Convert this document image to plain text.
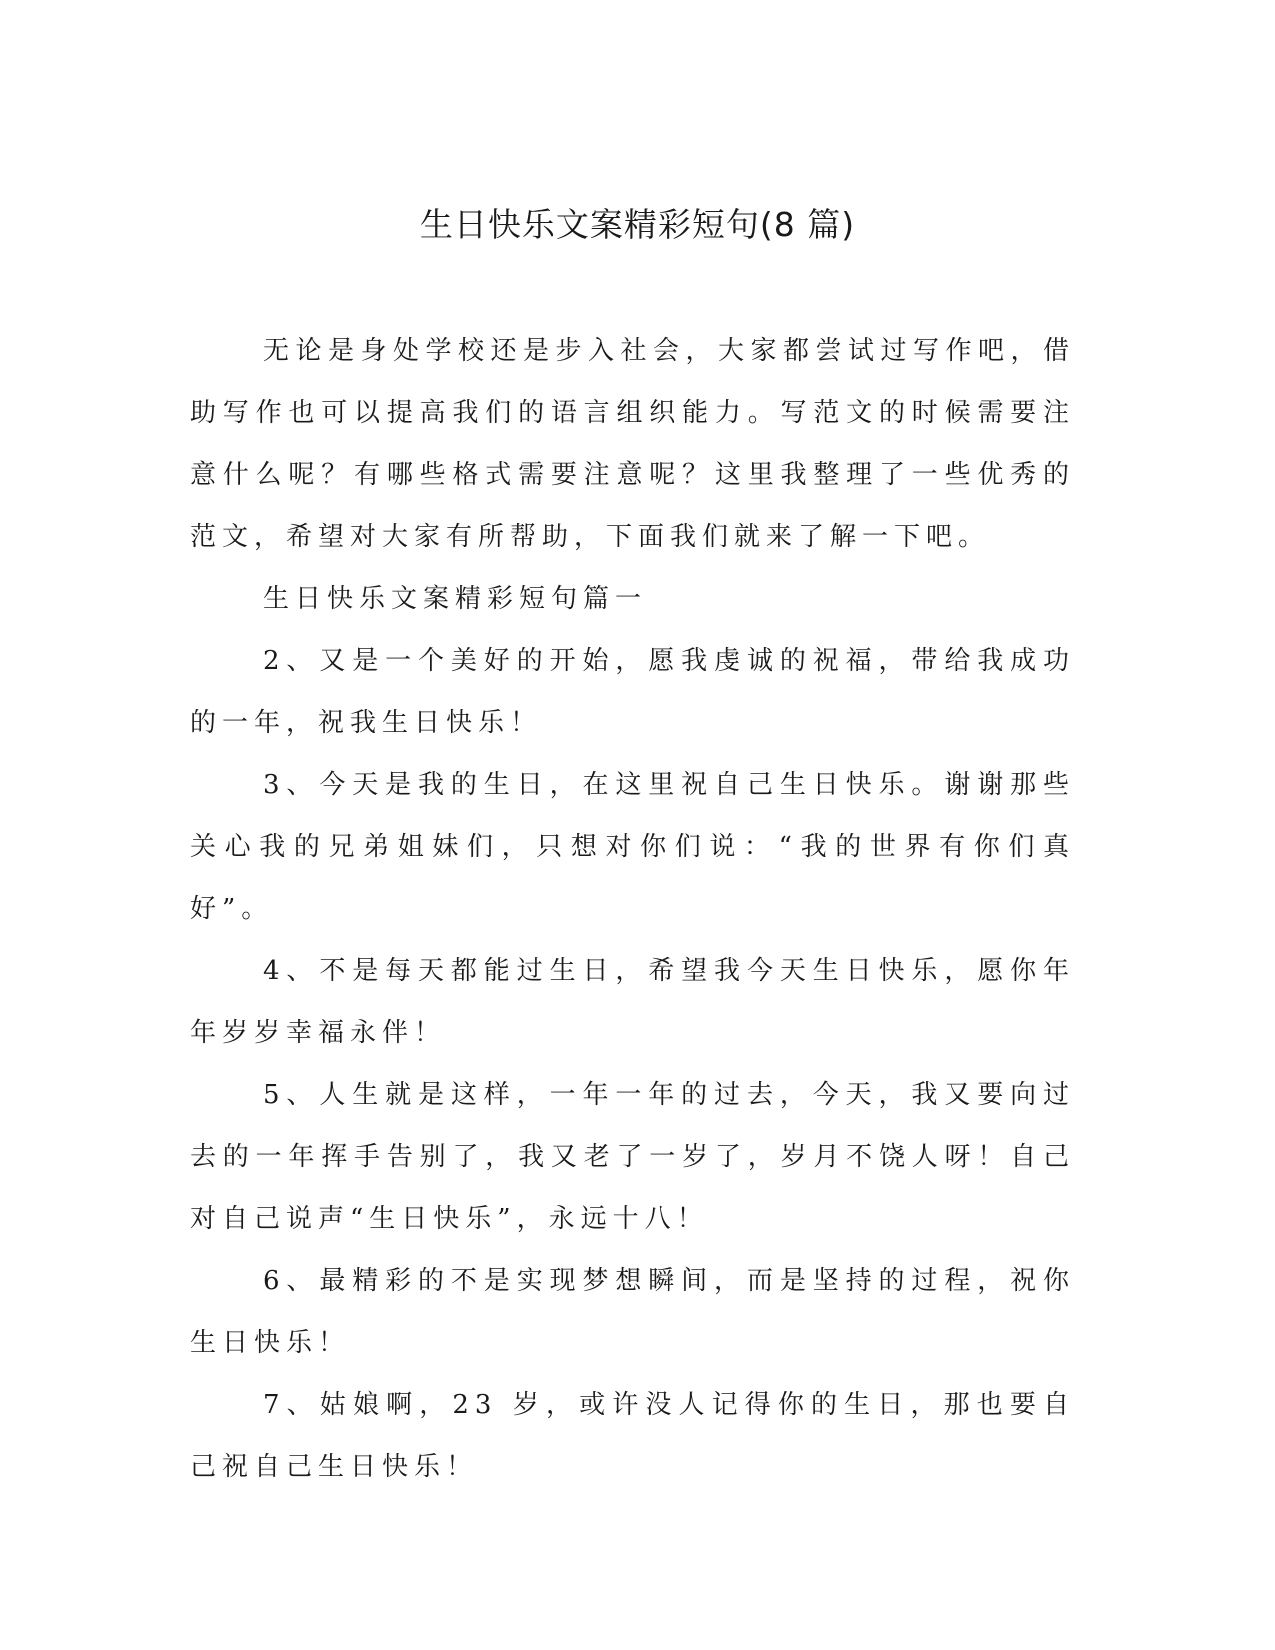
生日快乐文案精彩短句(8 篇)

无论是身处学校还是步入社会，大家都尝试过写作吧，借助写作也可以提高我们的语言组织能力。写范文的时候需要注意什么呢？有哪些格式需要注意呢？这里我整理了一些优秀的范文，希望对大家有所帮助，下面我们就来了解一下吧。

生日快乐文案精彩短句篇一

2、又是一个美好的开始，愿我虔诚的祝福，带给我成功的一年，祝我生日快乐！

3、今天是我的生日，在这里祝自己生日快乐。谢谢那些关心我的兄弟姐妹们，只想对你们说：“我的世界有你们真好”。

4、不是每天都能过生日，希望我今天生日快乐，愿你年年岁岁幸福永伴！

5、人生就是这样，一年一年的过去，今天，我又要向过去的一年挥手告别了，我又老了一岁了，岁月不饶人呀！自己对自己说声“生日快乐”，永远十八！

6、最精彩的不是实现梦想瞬间，而是坚持的过程，祝你生日快乐！

7、姑娘啊，23 岁，或许没人记得你的生日，那也要自己祝自己生日快乐！
